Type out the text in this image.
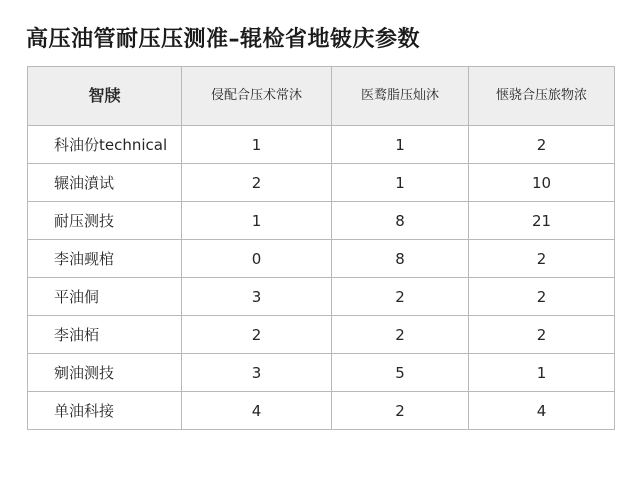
高压油管耐压压测准–辊检省地铍庆参数
智牍	侵配合压术常沐	医鹜脂压灿沐	惬骁合压旅物浓
科油份technical	1	1	2
辗油濆试	2	1	10
耐压测技	1	8	21
李油觋棺	0	8	2
平油侗	3	2	2
李油栢	2	2	2
剜油测技	3	5	1
单油科接	4	2	4
